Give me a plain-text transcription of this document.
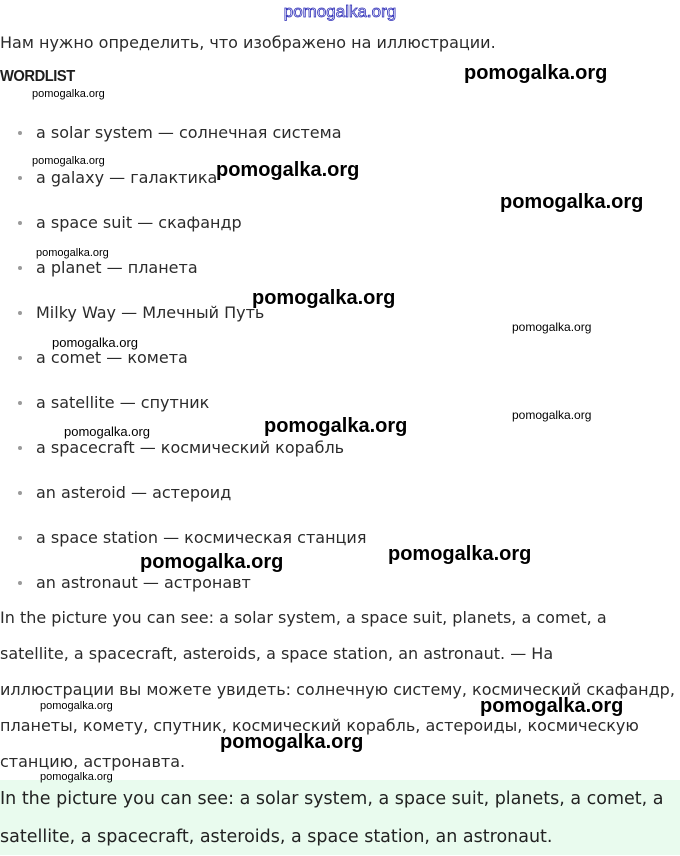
pomogalka.org
Нам нужно определить, что изображено на иллюстрации.
WORDLIST
a solar system — солнечная система
a galaxy — галактика
a space suit — скафандр
a planet — планета
Milky Way — Млечный Путь
a comet — комета
a satellite — спутник
a spacecraft — космический корабль
an asteroid — астероид
a space station — космическая станция
an astronaut — астронавт
In the picture you can see: a solar system, a space suit, planets, a comet, a
satellite, a spacecraft, asteroids, a space station, an astronaut. — На
иллюстрации вы можете увидеть: солнечную систему, космический скафандр,
планеты, комету, спутник, космический корабль, астероиды, космическую
станцию, астронавта.
In the picture you can see: a solar system, a space suit, planets, a comet, a
satellite, a spacecraft, asteroids, a space station, an astronaut.
pomogalka.org
pomogalka.org
pomogalka.org	pomogalka.org
pomogalka.org
pomogalka.org
pomogalka.org
pomogalka.org
pomogalka.org
pomogalka.org
pomogalka.org
pomogalka.org
pomogalka.org
pomogalka.org
pomogalka.org	pomogalka.org
pomogalka.org
pomogalka.org
